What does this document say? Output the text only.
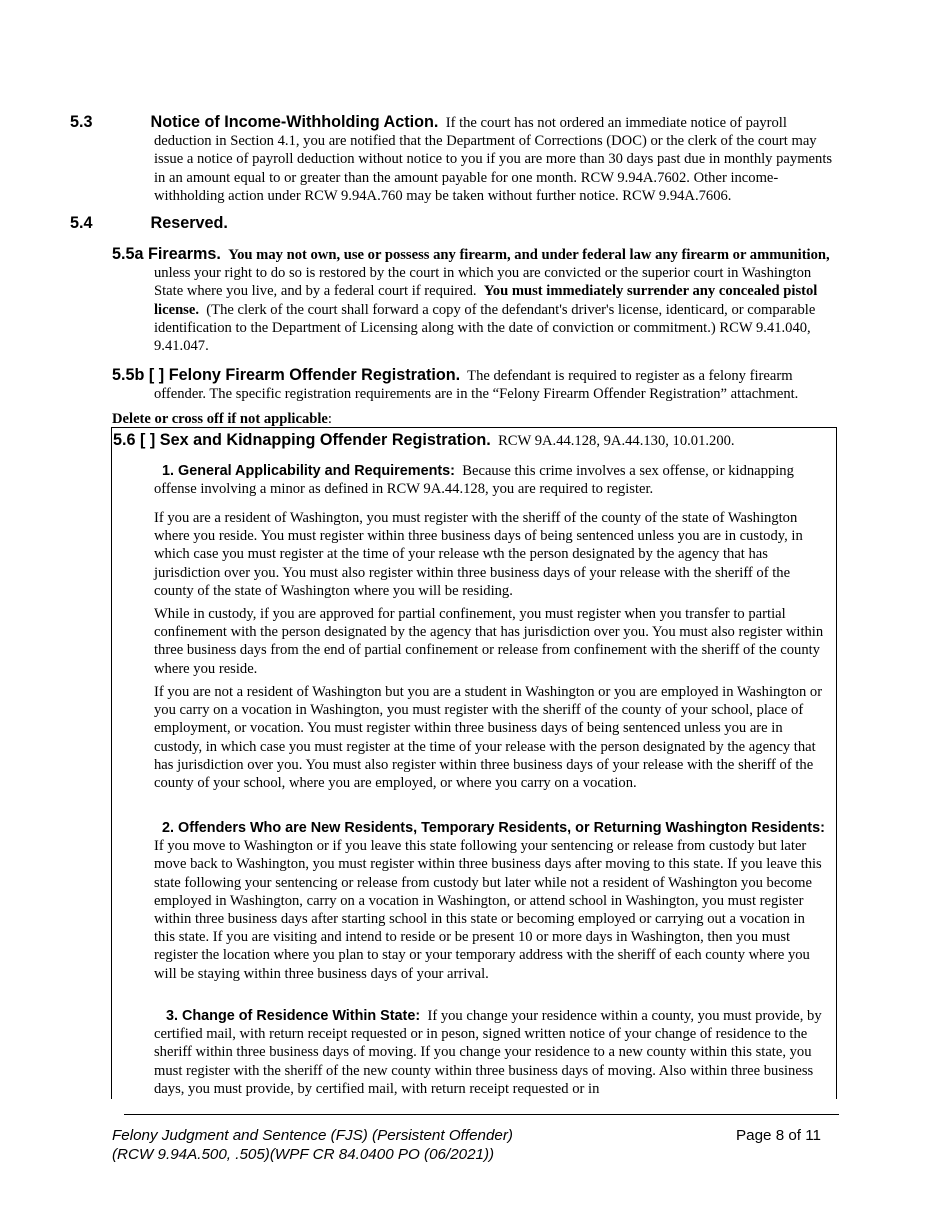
5.3	Notice of Income-Withholding Action. If the court has not ordered an immediate notice of payroll deduction in Section 4.1, you are notified that the Department of Corrections (DOC) or the clerk of the court may issue a notice of payroll deduction without notice to you if you are more than 30 days past due in monthly payments in an amount equal to or greater than the amount payable for one month. RCW 9.94A.7602. Other income-withholding action under RCW 9.94A.760 may be taken without further notice. RCW 9.94A.7606.

5.4	Reserved.

5.5a Firearms. You may not own, use or possess any firearm, and under federal law any firearm or ammunition, unless your right to do so is restored by the court in which you are convicted or the superior court in Washington State where you live, and by a federal court if required. You must immediately surrender any concealed pistol license. (The clerk of the court shall forward a copy of the defendant's driver's license, identicard, or comparable identification to the Department of Licensing along with the date of conviction or commitment.) RCW 9.41.040, 9.41.047.

5.5b [ ] Felony Firearm Offender Registration. The defendant is required to register as a felony firearm offender. The specific registration requirements are in the “Felony Firearm Offender Registration” attachment.

Delete or cross off if not applicable:

5.6 [ ] Sex and Kidnapping Offender Registration. RCW 9A.44.128, 9A.44.130, 10.01.200.

1. General Applicability and Requirements: Because this crime involves a sex offense, or kidnapping offense involving a minor as defined in RCW 9A.44.128, you are required to register.

If you are a resident of Washington, you must register with the sheriff of the county of the state of Washington where you reside. You must register within three business days of being sentenced unless you are in custody, in which case you must register at the time of your release wth the person designated by the agency that has jurisdiction over you. You must also register within three business days of your release with the sheriff of the county of the state of Washington where you will be residing.

While in custody, if you are approved for partial confinement, you must register when you transfer to partial confinement with the person designated by the agency that has jurisdiction over you. You must also register within three business days from the end of partial confinement or release from confinement with the sheriff of the county where you reside.

If you are not a resident of Washington but you are a student in Washington or you are employed in Washington or you carry on a vocation in Washington, you must register with the sheriff of the county of your school, place of employment, or vocation. You must register within three business days of being sentenced unless you are in custody, in which case you must register at the time of your release with the person designated by the agency that has jurisdiction over you. You must also register within three business days of your release with the sheriff of the county of your school, where you are employed, or where you carry on a vocation.

2. Offenders Who are New Residents, Temporary Residents, or Returning Washington Residents:  If you move to Washington or if you leave this state following your sentencing or release from custody but later move back to Washington, you must register within three business days after moving to this state. If you leave this state following your sentencing or release from custody but later while not a resident of Washington you become employed in Washington, carry on a vocation in Washington, or attend school in Washington, you must register within three business days after starting school in this state or becoming employed or carrying out a vocation in this state. If you are visiting and intend to reside or be present 10 or more days in Washington, then you must register the location where you plan to stay or your temporary address with the sheriff of each county where you will be staying within three business days of your arrival.

3. Change of Residence Within State: If you change your residence within a county, you must provide, by certified mail, with return receipt requested or in peson, signed written notice of your change of residence to the sheriff within three business days of moving. If you change your residence to a new county within this state, you must register with the sheriff of the new county within three business days of moving. Also within three business days, you must provide, by certified mail, with return receipt requested or in

Felony Judgment and Sentence (FJS) (Persistent Offender)
(RCW 9.94A.500, .505)(WPF CR 84.0400 PO (06/2021))
Page 8 of 11
